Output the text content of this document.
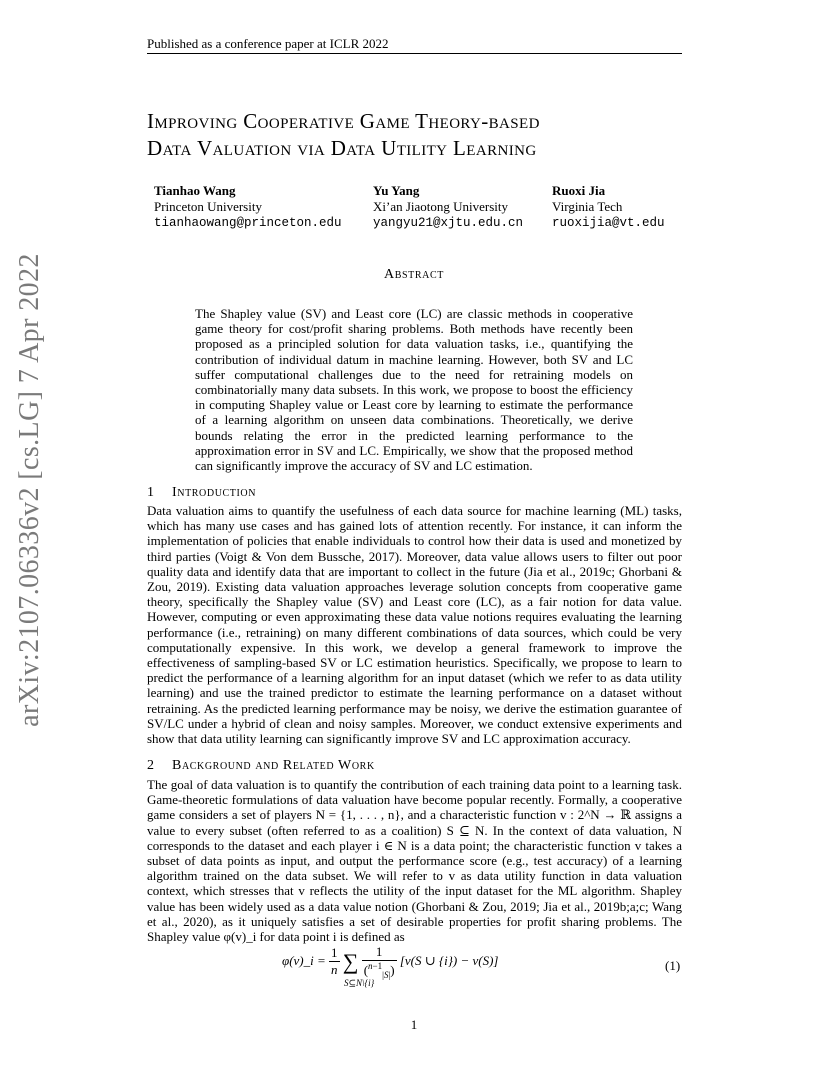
arXiv:2107.06336v2 [cs.LG] 7 Apr 2022
Published as a conference paper at ICLR 2022
Improving Cooperative Game Theory-based
Data Valuation via Data Utility Learning
Tianhao Wang
Princeton University
tianhaowang@princeton.edu
Yu Yang
Xi’an Jiaotong University
yangyu21@xjtu.edu.cn
Ruoxi Jia
Virginia Tech
ruoxijia@vt.edu
Abstract
The Shapley value (SV) and Least core (LC) are classic methods in cooperative game theory for cost/profit sharing problems. Both methods have recently been proposed as a principled solution for data valuation tasks, i.e., quantifying the contribution of individual datum in machine learning. However, both SV and LC suffer computational challenges due to the need for retraining models on combinatorially many data subsets. In this work, we propose to boost the efficiency in computing Shapley value or Least core by learning to estimate the performance of a learning algorithm on unseen data combinations. Theoretically, we derive bounds relating the error in the predicted learning performance to the approximation error in SV and LC. Empirically, we show that the proposed method can significantly improve the accuracy of SV and LC estimation.
1 Introduction
Data valuation aims to quantify the usefulness of each data source for machine learning (ML) tasks, which has many use cases and has gained lots of attention recently. For instance, it can inform the implementation of policies that enable individuals to control how their data is used and monetized by third parties (Voigt & Von dem Bussche, 2017). Moreover, data value allows users to filter out poor quality data and identify data that are important to collect in the future (Jia et al., 2019c; Ghorbani & Zou, 2019). Existing data valuation approaches leverage solution concepts from cooperative game theory, specifically the Shapley value (SV) and Least core (LC), as a fair notion for data value. However, computing or even approximating these data value notions requires evaluating the learning performance (i.e., retraining) on many different combinations of data sources, which could be very computationally expensive. In this work, we develop a general framework to improve the effectiveness of sampling-based SV or LC estimation heuristics. Specifically, we propose to learn to predict the performance of a learning algorithm for an input dataset (which we refer to as data utility learning) and use the trained predictor to estimate the learning performance on a dataset without retraining. As the predicted learning performance may be noisy, we derive the estimation guarantee of SV/LC under a hybrid of clean and noisy samples. Moreover, we conduct extensive experiments and show that data utility learning can significantly improve SV and LC approximation accuracy.
2 Background and Related Work
The goal of data valuation is to quantify the contribution of each training data point to a learning task. Game-theoretic formulations of data valuation have become popular recently. Formally, a cooperative game considers a set of players N = {1, . . . , n}, and a characteristic function v : 2^N → ℝ assigns a value to every subset (often referred to as a coalition) S ⊆ N. In the context of data valuation, N corresponds to the dataset and each player i ∈ N is a data point; the characteristic function v takes a subset of data points as input, and output the performance score (e.g., test accuracy) of a learning algorithm trained on the data subset. We will refer to v as data utility function in data valuation context, which stresses that v reflects the utility of the input dataset for the ML algorithm. Shapley value has been widely used as a data value notion (Ghorbani & Zou, 2019; Jia et al., 2019b;a;c; Wang et al., 2020), as it uniquely satisfies a set of desirable properties for profit sharing problems. The Shapley value φ(v)_i for data point i is defined as
φ(v)_i = $\frac{1}{n}$ ∑ $\frac{1}{(^{n-1}_{|S|})} [v(S$ ∪ {i}) − v(S)]
S⊆N\{i}
(1)
1
